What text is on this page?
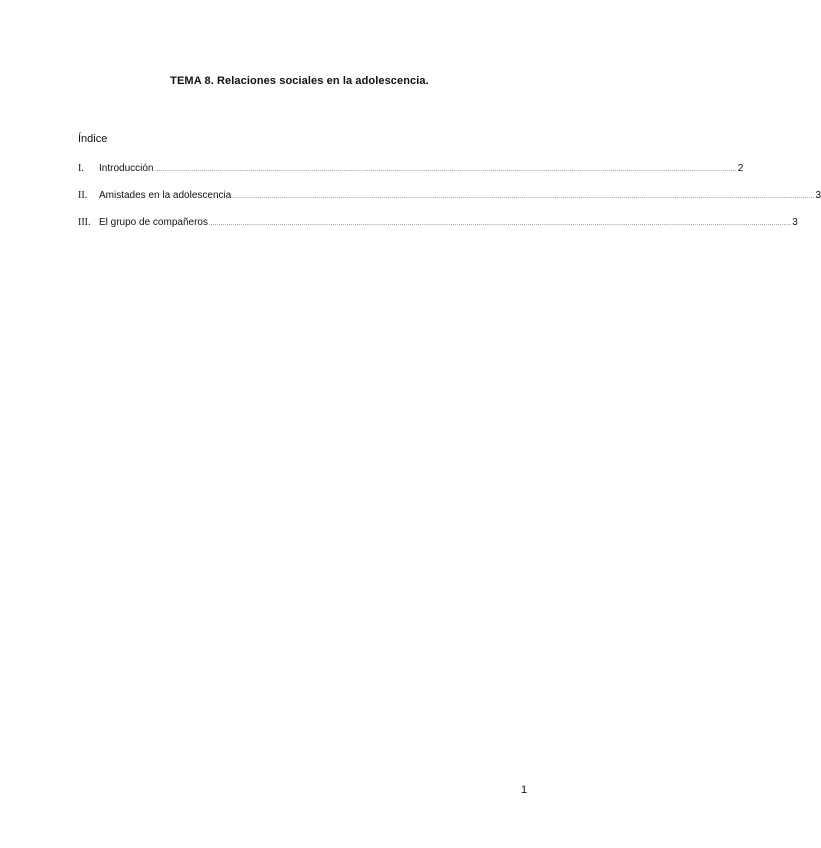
TEMA 8. Relaciones sociales en la adolescencia.
Índice
I.	Introducción ........................................................................................................................................................................................................................................................................................................ 2
II.	Amistades en la adolescencia ........................................................................................................................................................................................................................................................................................................ 3
III. El grupo de compañeros ........................................................................................................................................................................................................................................................................................................ 3
1
